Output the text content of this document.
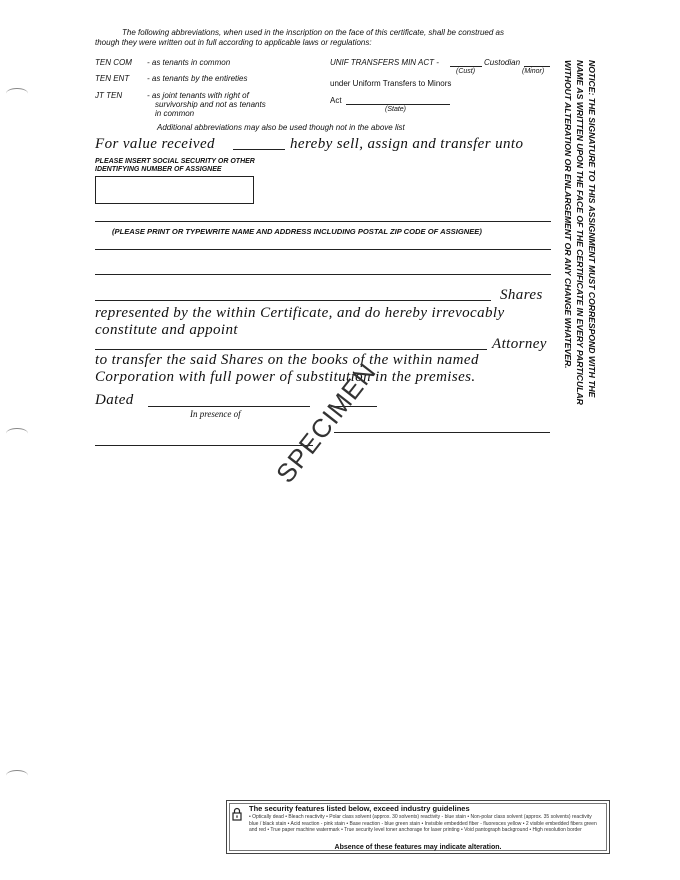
The following abbreviations, when used in the inscription on the face of this certificate, shall be construed as
though they were written out in full according to applicable laws or regulations:
TEN COM - as tenants in common
TEN ENT - as tenants by the entireties
JT TEN	- as joint tenants with right of
survivorship and not as tenants
in common
UNIF TRANSFERS MIN ACT -	Custodian
(Cust)	(Minor)
under Uniform Transfers to Minors
Act
(State)
Additional abbreviations may also be used though not in the above list
For value received	hereby sell, assign and transfer unto
PLEASE INSERT SOCIAL SECURITY OR OTHER
IDENTIFYING NUMBER OF ASSIGNEE
(PLEASE PRINT OR TYPEWRITE NAME AND ADDRESS INCLUDING POSTAL ZIP CODE OF ASSIGNEE)
Shares
represented by the within Certificate, and do hereby irrevocably
constitute and appoint
Attorney
to transfer the said Shares on the books of the within named
Corporation with full power of substitution in the premises.
Dated
In presence of SPECIMEN
NOTICE: THE SIGNATURE TO THIS ASSIGNMENT MUST CORRESPOND WITH THE
NAME AS WRITTEN UPON THE FACE OF THE CERTIFICATE IN EVERY PARTICULAR
WITHOUT ALTERATION OR ENLARGEMENT OR ANY CHANGE WHATEVER.
The security features listed below, exceed industry guidelines
• Optically dead • Bleach reactivity • Polar class solvent (approx. 30 solvents) reactivity - blue stain • Non-polar class solvent (approx. 35 solvents) reactivity blue / black stain • Acid reaction - pink stain • Base reaction - blue green stain • Invisible embedded fiber - fluoresces yellow • 2 visible embedded fibers green and red • True paper machine watermark • True security level toner anchorage for laser printing • Void pantograph background • High resolution border
Absence of these features may indicate alteration.
